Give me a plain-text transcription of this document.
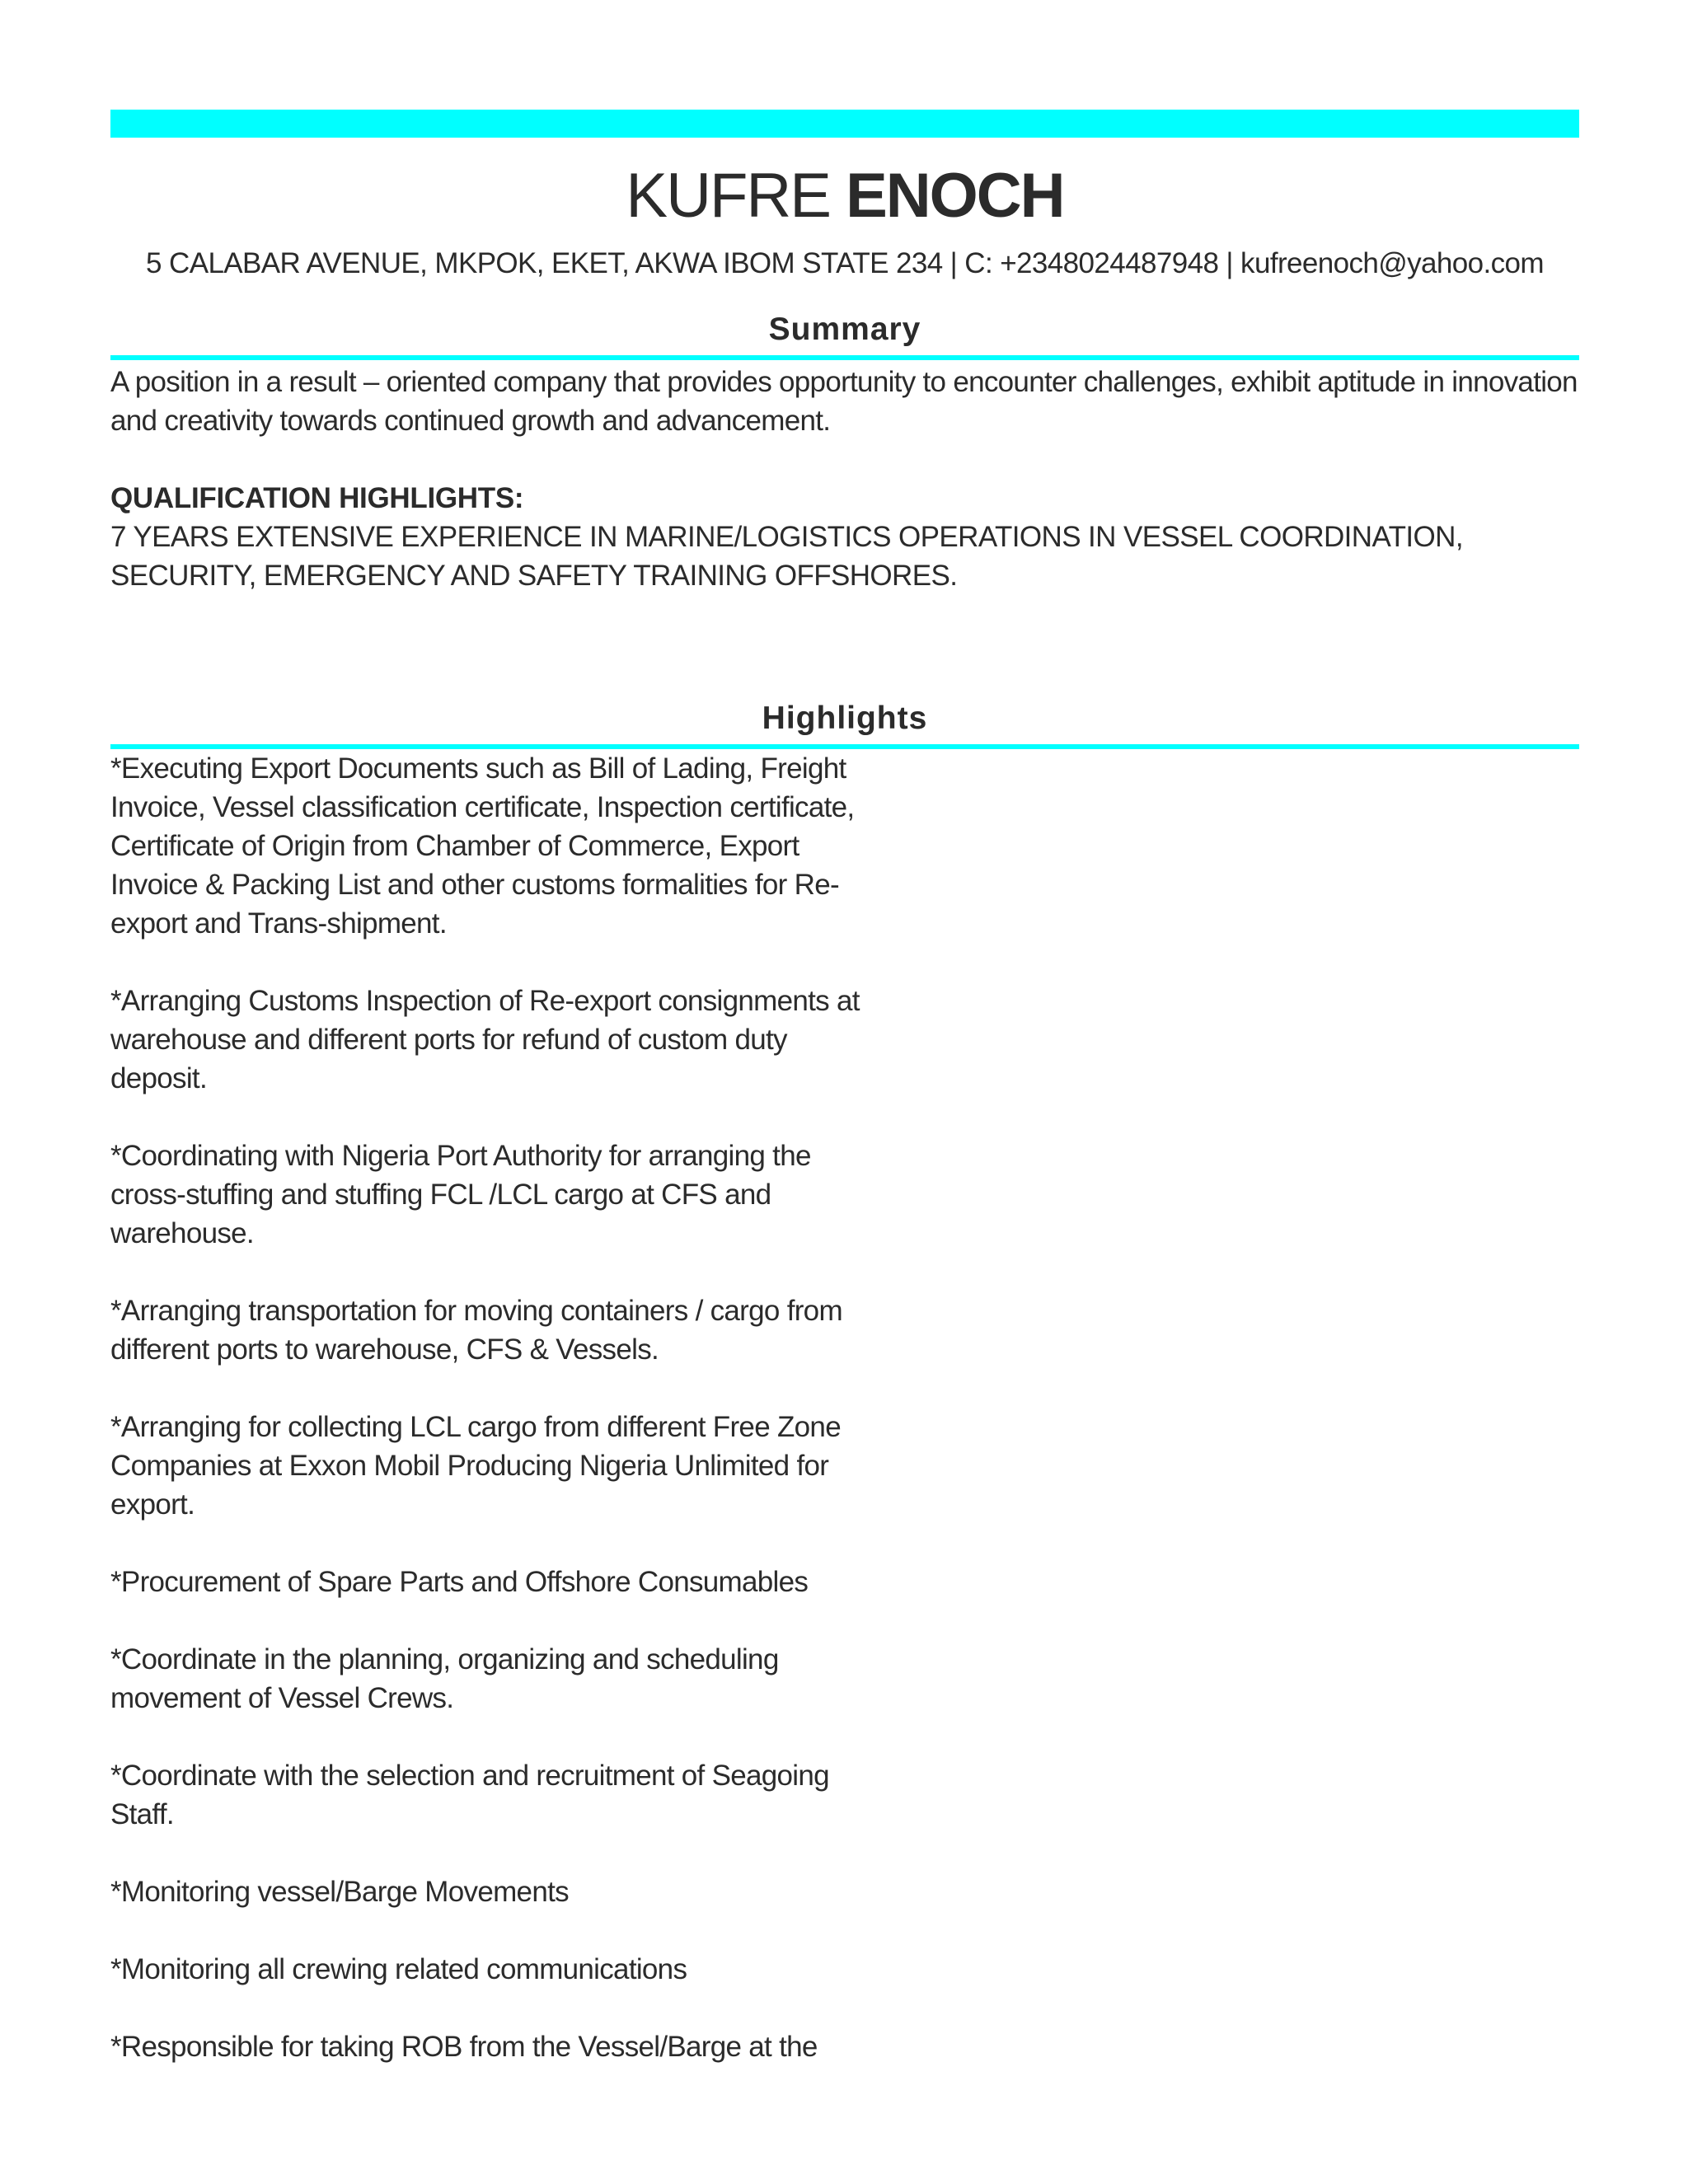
KUFRE ENOCH
5 CALABAR AVENUE, MKPOK, EKET, AKWA IBOM STATE 234 | C: +2348024487948 | kufreenoch@yahoo.com
Summary
A position in a result – oriented company that provides opportunity to encounter challenges, exhibit aptitude in innovation and creativity towards continued growth and advancement.
QUALIFICATION HIGHLIGHTS:
7 YEARS EXTENSIVE EXPERIENCE IN MARINE/LOGISTICS OPERATIONS IN VESSEL COORDINATION, SECURITY, EMERGENCY AND SAFETY TRAINING OFFSHORES.
Highlights
*Executing Export Documents such as Bill of Lading, Freight Invoice, Vessel classification certificate, Inspection certificate, Certificate of Origin from Chamber of Commerce, Export Invoice & Packing List and other customs formalities for Re-export and Trans-shipment.
*Arranging Customs Inspection of Re-export consignments at warehouse and different ports for refund of custom duty deposit.
*Coordinating with Nigeria Port Authority for arranging the cross-stuffing and stuffing FCL /LCL cargo at CFS and warehouse.
*Arranging transportation for moving containers / cargo from different ports to warehouse, CFS & Vessels.
*Arranging for collecting LCL cargo from different Free Zone Companies at Exxon Mobil Producing Nigeria Unlimited for export.
*Procurement of Spare Parts and Offshore Consumables
*Coordinate in the planning, organizing and scheduling movement of Vessel Crews.
*Coordinate with the selection and recruitment of Seagoing Staff.
*Monitoring vessel/Barge Movements
*Monitoring all crewing related communications
*Responsible for taking ROB from the Vessel/Barge at the
